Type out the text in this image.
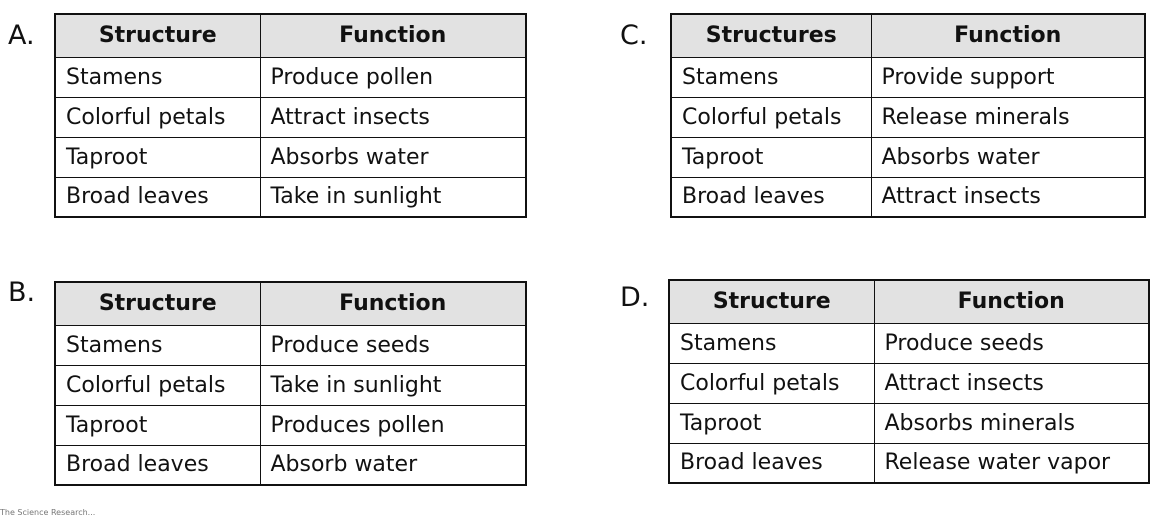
A.	Structure	Function
Stamens	Produce pollen
Colorful petals	Attract insects
Taproot	Absorbs water
Broad leaves	Take in sunlight
B.	Structure	Function
Stamens	Produce seeds
Colorful petals	Take in sunlight
Taproot	Produces pollen
Broad leaves	Absorb water
C.	Structures	Function
Stamens	Provide support
Colorful petals	Release minerals
Taproot	Absorbs water
Broad leaves	Attract insects
D.	Structure	Function
Stamens	Produce seeds
Colorful petals	Attract insects
Taproot	Absorbs minerals
Broad leaves	Release water vapor
The Science Research...
